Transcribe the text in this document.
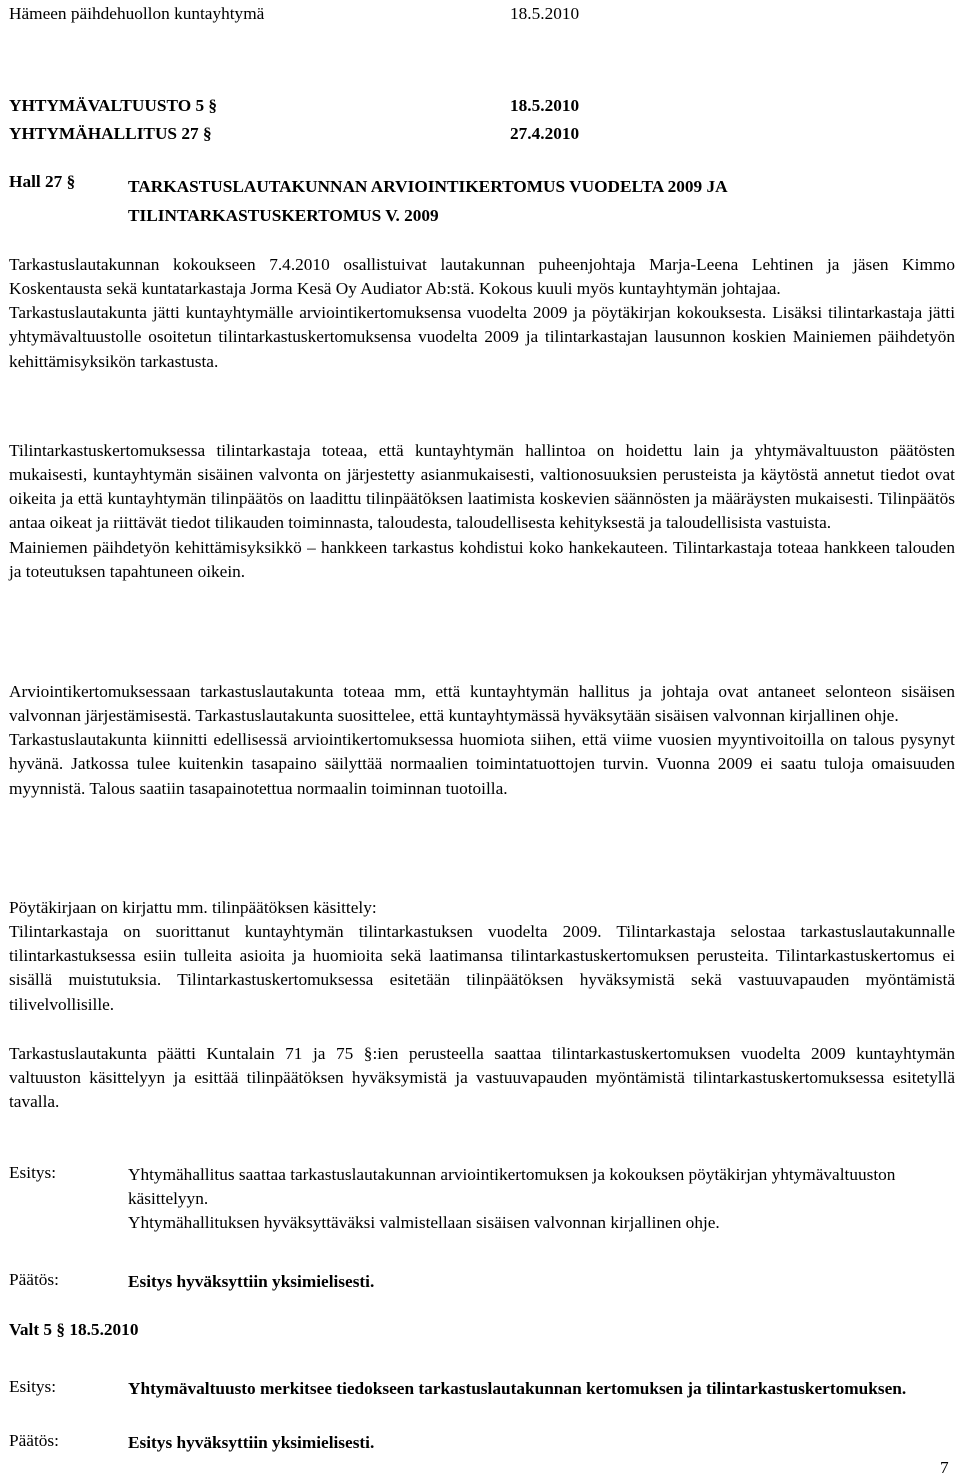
Hämeen päihdehuollon kuntayhtymä	18.5.2010
YHTYMÄVALTUUSTO 5 §	18.5.2010
YHTYMÄHALLITUS 27 §	27.4.2010
Hall 27 §	TARKASTUSLAUTAKUNNAN ARVIOINTIKERTOMUS VUODELTA 2009 JA
TILINTARKASTUSKERTOMUS V. 2009

Tarkastuslautakunnan kokoukseen 7.4.2010 osallistuivat lautakunnan puheenjohtaja Marja-Leena Lehtinen ja jäsen Kimmo Koskentausta sekä kuntatarkastaja Jorma Kesä Oy Audiator Ab:stä. Kokous kuuli myös kuntayhtymän johtajaa.

Tarkastuslautakunta jätti kuntayhtymälle arviointikertomuksensa vuodelta 2009 ja pöytäkirjan kokouksesta. Lisäksi tilintarkastaja jätti yhtymävaltuustolle osoitetun tilintarkastuskertomuksensa vuodelta 2009 ja tilintarkastajan lausunnon koskien Mainiemen päihdetyön kehittämisyksikön tarkastusta.

Tilintarkastuskertomuksessa tilintarkastaja toteaa, että kuntayhtymän hallintoa on hoidettu lain ja yhtymävaltuuston päätösten mukaisesti, kuntayhtymän sisäinen valvonta on järjestetty asianmukaisesti, valtionosuuksien perusteista ja käytöstä annetut tiedot ovat oikeita ja että kuntayhtymän tilinpäätös on laadittu tilinpäätöksen laatimista koskevien säännösten ja määräysten mukaisesti. Tilinpäätös antaa oikeat ja riittävät tiedot tilikauden toiminnasta, taloudesta, taloudellisesta kehityksestä ja taloudellisista vastuista.

Mainiemen päihdetyön kehittämisyksikkö – hankkeen tarkastus kohdistui koko hankekauteen. Tilintarkastaja toteaa hankkeen talouden ja toteutuksen tapahtuneen oikein.

Arviointikertomuksessaan tarkastuslautakunta toteaa mm, että kuntayhtymän hallitus ja johtaja ovat antaneet selonteon sisäisen valvonnan järjestämisestä. Tarkastuslautakunta suosittelee, että kuntayhtymässä hyväksytään sisäisen valvonnan kirjallinen ohje.

Tarkastuslautakunta kiinnitti edellisessä arviointikertomuksessa huomiota siihen, että viime vuosien myyntivoitoilla on talous pysynyt hyvänä. Jatkossa tulee kuitenkin tasapaino säilyttää normaalien toimintatuottojen turvin. Vuonna 2009 ei saatu tuloja omaisuuden myynnistä. Talous saatiin tasapainotettua normaalin toiminnan tuotoilla.

Pöytäkirjaan on kirjattu mm. tilinpäätöksen käsittely:

Tilintarkastaja on suorittanut kuntayhtymän tilintarkastuksen vuodelta 2009. Tilintarkastaja selostaa tarkastuslautakunnalle tilintarkastuksessa esiin tulleita asioita ja huomioita sekä laatimansa tilintarkastuskertomuksen perusteita. Tilintarkastuskertomus ei sisällä muistutuksia. Tilintarkastuskertomuksessa esitetään tilinpäätöksen hyväksymistä sekä vastuuvapauden myöntämistä tilivelvollisille.

Tarkastuslautakunta päätti Kuntalain 71 ja 75 §:ien perusteella saattaa tilintarkastuskertomuksen vuodelta 2009 kuntayhtymän valtuuston käsittelyyn ja esittää tilinpäätöksen hyväksymistä ja vastuuvapauden myöntämistä tilintarkastuskertomuksessa esitetyllä tavalla.

Esitys:	Yhtymähallitus saattaa tarkastuslautakunnan arviointikertomuksen ja kokouksen pöytäkirjan yhtymävaltuuston käsittelyyn.

Yhtymähallituksen hyväksyttäväksi valmistellaan sisäisen valvonnan kirjallinen ohje.

Päätös:	Esitys hyväksyttiin yksimielisesti.
Valt 5 § 18.5.2010
Esitys:	Yhtymävaltuusto merkitsee tiedokseen tarkastuslautakunnan kertomuksen ja tilintarkastuskertomuksen.
Päätös:	Esitys hyväksyttiin yksimielisesti.
7
